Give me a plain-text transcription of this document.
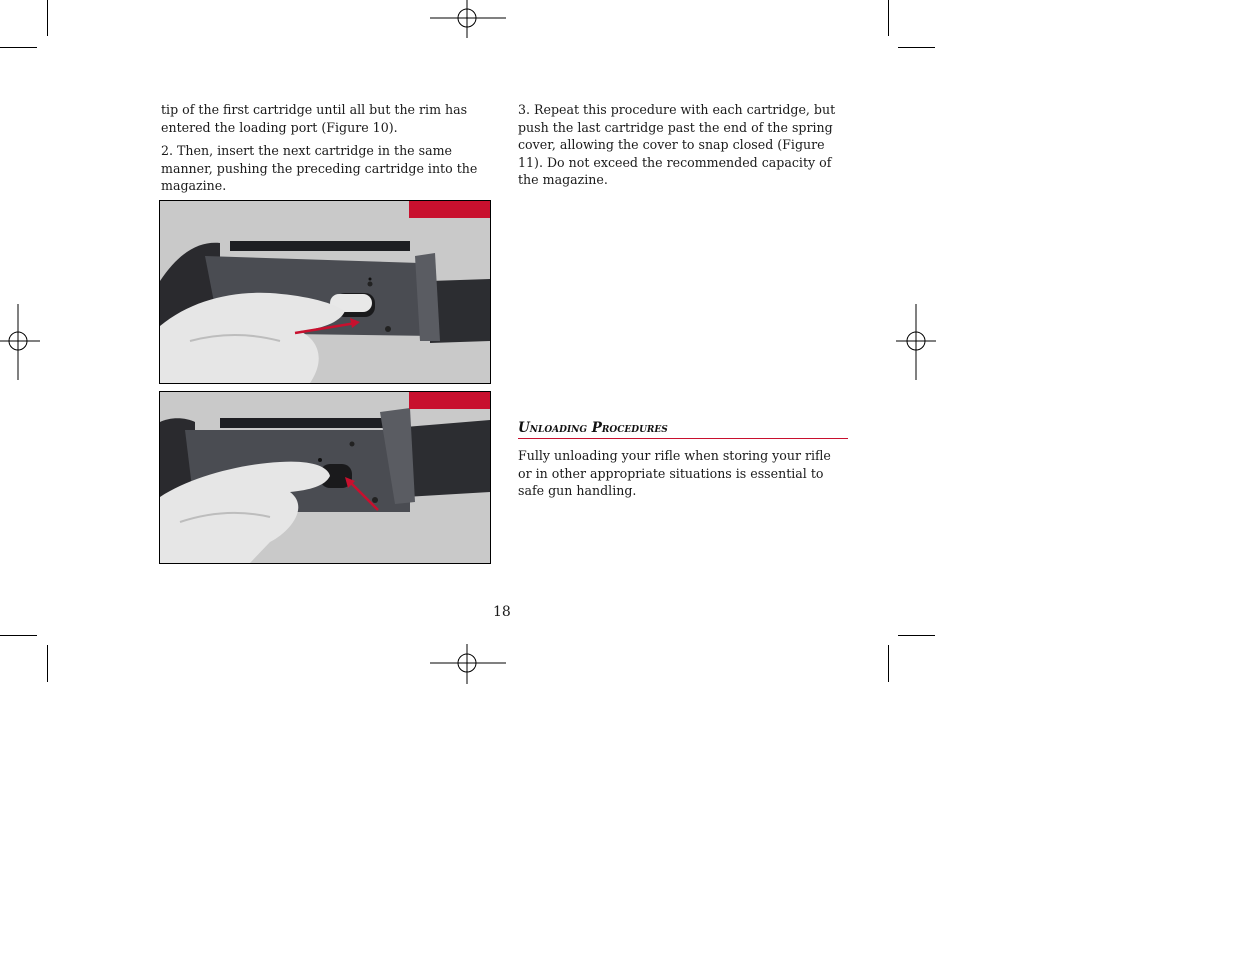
tip of the first cartridge until all but the rim has entered the loading port (Figure 10).

2. Then, insert the next cartridge in the same manner, pushing the preceding cartridge into the magazine.

3. Repeat this procedure with each cartridge, but push the last cartridge past the end of the spring cover, allowing the cover to snap closed (Figure 11). Do not exceed the recommended capacity of the magazine.

Unloading Procedures
Fully unloading your rifle when storing your rifle or in other appropriate situations is essential to safe gun handling.
18
